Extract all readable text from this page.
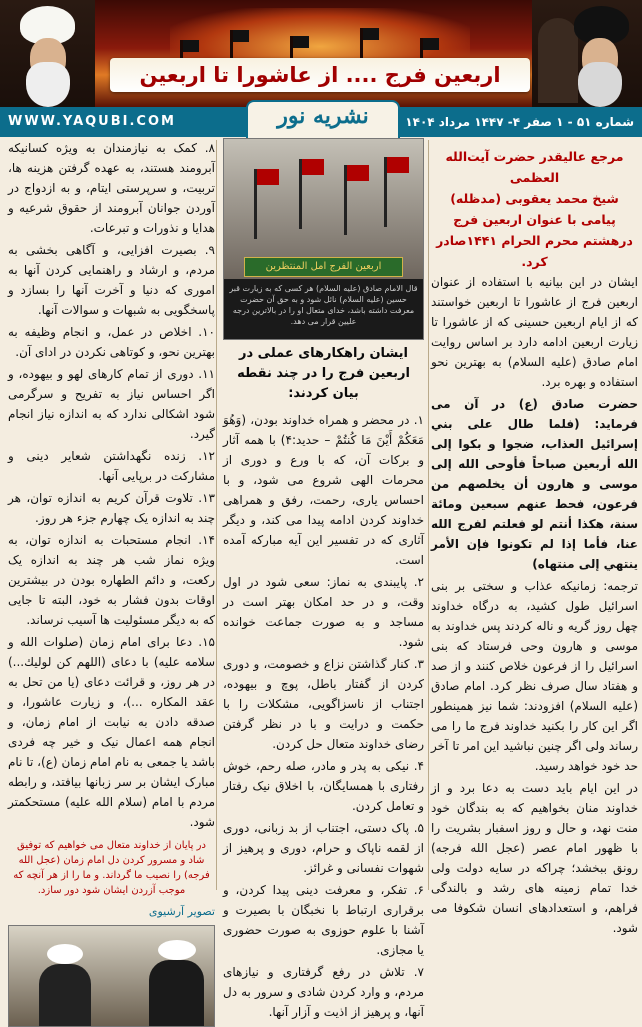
اربعین فرج .... از عاشورا تا اربعین
WWW.YAQUBI.COM	شماره ۵۱ - ۱ صفر ۴- ۱۴۴۷ مرداد ۱۴۰۴
نشریه نور
مرجع عالیقدر حضرت آیت‌الله العظمی
شیخ محمد یعقوبی (مدظله)
پیامی با عنوان اربعین فرج
درهشتم محرم الحرام ۱۴۴۱صادر کرد.

ایشان در این بیانیه با استفاده از عنوان اربعین فرج از عاشورا تا اربعین خواستند که از ایام اربعین حسینی که از عاشورا تا زیارت اربعین ادامه دارد بر اساس روایت امام صادق (علیه السلام) به بهترین نحو استفاده و بهره برد.

حضرت صادق (ع) در آن می فرماید: (فلما طال على بني إسرائيل العذاب، ضجوا و بكوا إلى الله أربعين صباحاً فأوحى الله إلى موسى و هارون أن يخلصهم من فرعون، فحط عنهم سبعين ومائة سنة، هكذا أنتم لو فعلتم لفرج الله عنا، فأما إذا لم تكونوا فإن الأمر ينتهي إلى منتهاه)

ترجمه: زمانیکه عذاب و سختی بر بنی اسرائیل طول کشید، به درگاه خداوند چهل روز گریه و ناله کردند پس خداوند به موسی و هارون وحی فرستاد که بنی اسرائیل را از فرعون خلاص کنند و از صد و هفتاد سال صرف نظر کرد. امام صادق (علیه السلام) افزودند: شما نیز همینطور اگر این کار را بکنید خداوند فرج ما را می رساند ولی اگر چنین نباشید این امر تا آخر حد خود خواهد رسید.

در این ایام باید دست به دعا برد و از خداوند منان بخواهیم که به بندگان خود منت نهد، و حال و روز اسفبار بشریت را با ظهور امام عصر (عجل الله فرجه) رونق ببخشد؛ چراکه در سایه دولت ولی خدا تمام زمینه های رشد و بالندگی فراهم، و استعدادهای انسان شکوفا می شود.

اربعين الفرج امل المنتظرين
قال الامام صادق (عليه السلام) هر کسی که به زیارت قبر حسین (علیه السلام) نائل شود و به حق آن حضرت معرفت داشته باشد، خدای متعال او را در بالاترین درجه علیین قرار می دهد.
ایشان راهکارهای عملی در اربعین فرج را در چند نقطه بیان کردند:

۱. در محضر و همراه خداوند بودن، (وَهُوَ مَعَكُمْ أَيْنَ مَا كُنتُمْ – حدید:۴) با همه آثار و برکات آن، که با ورع و دوری از محرمات الهی شروع می شود، و با احساس یاری، رحمت، رفق و همراهی خداوند کردن ادامه پیدا می کند، و دیگر آثاری که در تفسیر این آیه مبارکه آمده است.

۲. پایبندی به نماز: سعی شود در اول وقت، و در حد امکان بهتر است در مساجد و به صورت جماعت خوانده شود.

۳. کنار گذاشتن نزاع و خصومت، و دوری کردن از گفتار باطل، پوچ و بیهوده، اجتناب از ناسزاگویی، مشکلات را با حکمت و درایت و با در نظر گرفتن رضای خداوند متعال حل کردن.

۴. نیکی به پدر و مادر، صله رحم، خوش رفتاری با همسایگان، با اخلاق نیک رفتار و تعامل کردن.

۵. پاک دستی، اجتناب از بد زبانی، دوری از لقمه ناپاک و حرام، دوری و پرهیز از شهوات نفسانی و غرائز.

۶. تفکر، و معرفت دینی پیدا کردن، و برقراری ارتباط با نخبگان با بصیرت و آشنا با علوم حوزوی به صورت حضوری یا مجازی.

۷. تلاش در رفع گرفتاری و نیازهای مردم، و وارد کردن شادی و سرور به دل آنها، و پرهیز از اذیت و آزار آنها.

۸. کمک به نیازمندان به ویژه کسانیکه آبرومند هستند، به عهده گرفتن هزینه ها، تربیت، و سرپرستی ایتام، و به ازدواج در آوردن جوانان آبرومند از حقوق شرعیه و هدایا و نذورات و تبرعات.

۹. بصیرت افزایی، و آگاهی بخشی به مردم، و ارشاد و راهنمایی کردن آنها به اموری که دنیا و آخرت آنها را بسازد و پاسخگویی به شبهات و سوالات آنها.

۱۰. اخلاص در عمل، و انجام وظیفه به بهترین نحو، و کوتاهی نکردن در ادای آن.

۱۱. دوری از تمام کارهای لهو و بیهوده، و اگر احساس نیاز به تفریح و سرگرمی شود اشکالی ندارد که به اندازه نیاز انجام گیرد.

۱۲. زنده نگهداشتن شعایر دینی و مشارکت در برپایی آنها.

۱۳. تلاوت قرآن کریم به اندازه توان، هر چند به اندازه یک چهارم جزء هر روز.

۱۴. انجام مستحبات به اندازه توان، به ویژه نماز شب هر چند به اندازه یک رکعت، و دائم الطهاره بودن در بیشترین اوقات بدون فشار به خود، البته تا جایی که به دیگر مسئولیت ها آسیب نرساند.

۱۵. دعا برای امام زمان (صلوات الله و سلامه علیه) با دعای (اللهم كن لوليك...) در هر روز، و قرائت دعای (يا من تحل به عقد المكاره ...)، و زیارت عاشورا، و صدقه دادن به نیابت از امام زمان، و انجام همه اعمال نیک و خیر چه فردی باشد یا جمعی به نام امام زمان (ع)، تا نام مبارک ایشان بر سر زبانها بیافتد، و رابطه مردم با امام (سلام الله علیه) مستحکمتر شود.

در پایان از خداوند متعال می خواهیم که توفیق شاد و مسرور کردن دل امام زمان (عجل الله فرجه) را نصیب ما گرداند. و ما را از هر آنچه که موجب آزردن ایشان شود دور سازد.
تصویر آرشیوی
